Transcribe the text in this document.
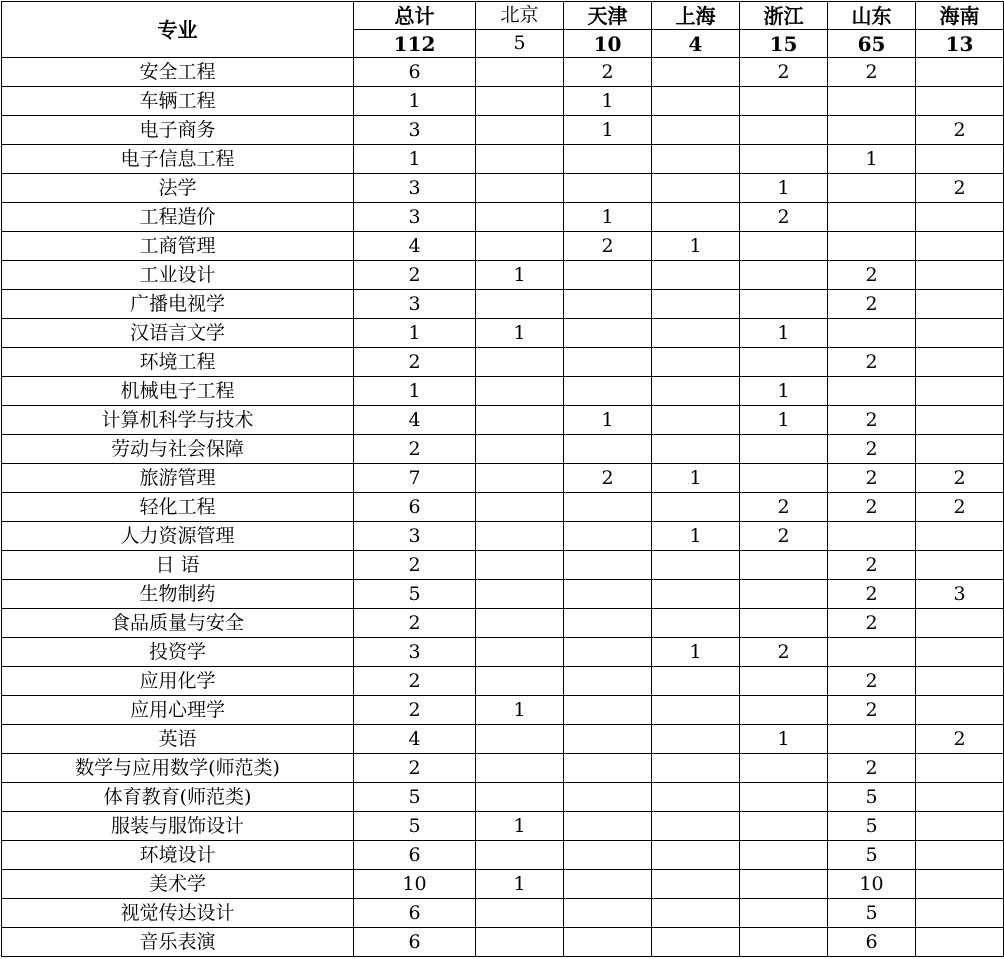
专业	总计	北京	天津	上海	浙江	山东	海南
	112	5	10	4	15	65	13
安全工程	6		2		2	2	
车辆工程	1		1				
电子商务	3		1				2
电子信息工程	1					1	
法学	3				1		2
工程造价	3		1		2		
工商管理	4		2	1			
工业设计	2	1				2	
广播电视学	3					2	
汉语言文学	1	1			1		
环境工程	2					2	
机械电子工程	1				1		
计算机科学与技术	4		1		1	2	
劳动与社会保障	2					2	
旅游管理	7		2	1		2	2
轻化工程	6				2	2	2
人力资源管理	3			1	2		
日 语	2					2	
生物制药	5					2	3
食品质量与安全	2					2	
投资学	3			1	2		
应用化学	2					2	
应用心理学	2	1				2	
英语	4				1		2
数学与应用数学(师范类)	2					2	
体育教育(师范类)	5					5	
服装与服饰设计	5	1				5	
环境设计	6					5	
美术学	10	1				10	
视觉传达设计	6					5	
音乐表演	6					6	
